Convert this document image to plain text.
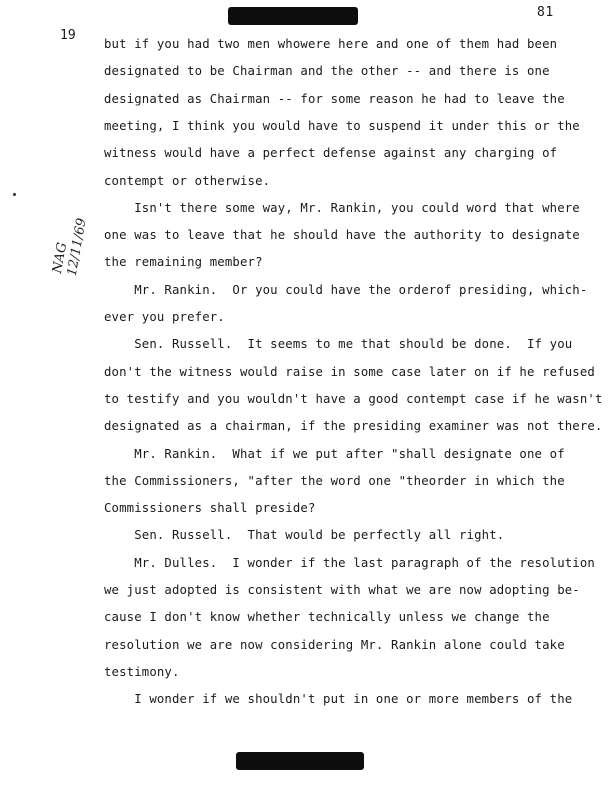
81
19
NAG
12/11/69
but if you had two men whowere here and one of them had been
designated to be Chairman and the other -- and there is one
designated as Chairman -- for some reason he had to leave the
meeting, I think you would have to suspend it under this or the
witness would have a perfect defense against any charging of
contempt or otherwise.
Isn't there some way, Mr. Rankin, you could word that where
one was to leave that he should have the authority to designate
the remaining member?
Mr. Rankin.  Or you could have the orderof presiding, which-
ever you prefer.
Sen. Russell.  It seems to me that should be done.  If you
don't the witness would raise in some case later on if he refused
to testify and you wouldn't have a good contempt case if he wasn't
designated as a chairman, if the presiding examiner was not there.
Mr. Rankin.  What if we put after "shall designate one of
the Commissioners, "after the word one "theorder in which the
Commissioners shall preside?
Sen. Russell.  That would be perfectly all right.
Mr. Dulles.  I wonder if the last paragraph of the resolution
we just adopted is consistent with what we are now adopting be-
cause I don't know whether technically unless we change the
resolution we are now considering Mr. Rankin alone could take
testimony.
I wonder if we shouldn't put in one or more members of the
